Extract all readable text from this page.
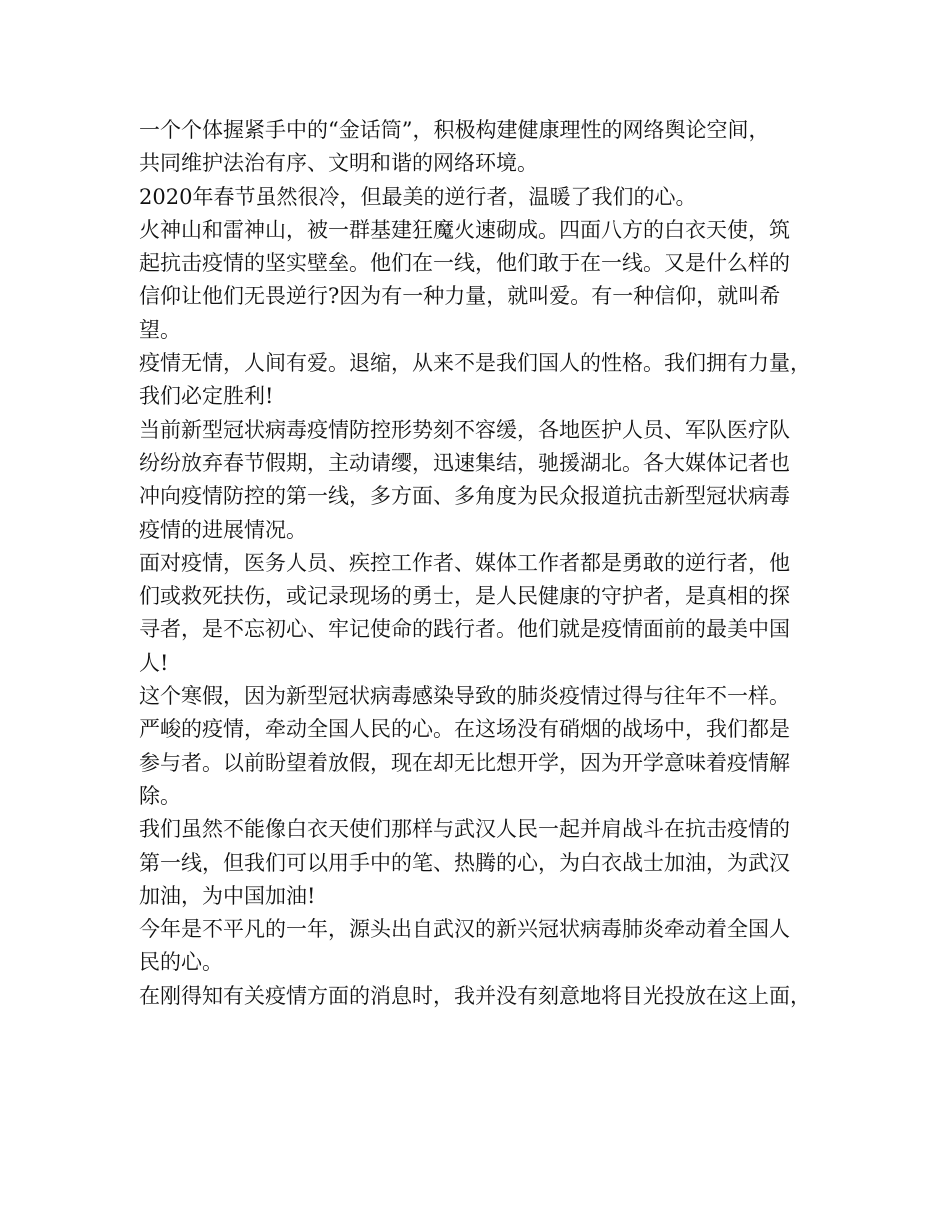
一个个体握紧手中的“金话筒”，积极构建健康理性的网络舆论空间，
共同维护法治有序、文明和谐的网络环境。

2020年春节虽然很冷，但最美的逆行者，温暖了我们的心。

火神山和雷神山，被一群基建狂魔火速砌成。四面八方的白衣天使，筑
起抗击疫情的坚实壁垒。他们在一线，他们敢于在一线。又是什么样的
信仰让他们无畏逆行?因为有一种力量，就叫爱。有一种信仰，就叫希
望。

疫情无情，人间有爱。退缩，从来不是我们国人的性格。我们拥有力量，
我们必定胜利!

当前新型冠状病毒疫情防控形势刻不容缓，各地医护人员、军队医疗队
纷纷放弃春节假期，主动请缨，迅速集结，驰援湖北。各大媒体记者也
冲向疫情防控的第一线，多方面、多角度为民众报道抗击新型冠状病毒
疫情的进展情况。

面对疫情，医务人员、疾控工作者、媒体工作者都是勇敢的逆行者，他
们或救死扶伤，或记录现场的勇士，是人民健康的守护者，是真相的探
寻者，是不忘初心、牢记使命的践行者。他们就是疫情面前的最美中国
人!

这个寒假，因为新型冠状病毒感染导致的肺炎疫情过得与往年不一样。
严峻的疫情，牵动全国人民的心。在这场没有硝烟的战场中，我们都是
参与者。以前盼望着放假，现在却无比想开学，因为开学意味着疫情解
除。

我们虽然不能像白衣天使们那样与武汉人民一起并肩战斗在抗击疫情的
第一线，但我们可以用手中的笔、热腾的心，为白衣战士加油，为武汉
加油，为中国加油!

今年是不平凡的一年，源头出自武汉的新兴冠状病毒肺炎牵动着全国人
民的心。

在刚得知有关疫情方面的消息时，我并没有刻意地将目光投放在这上面，
